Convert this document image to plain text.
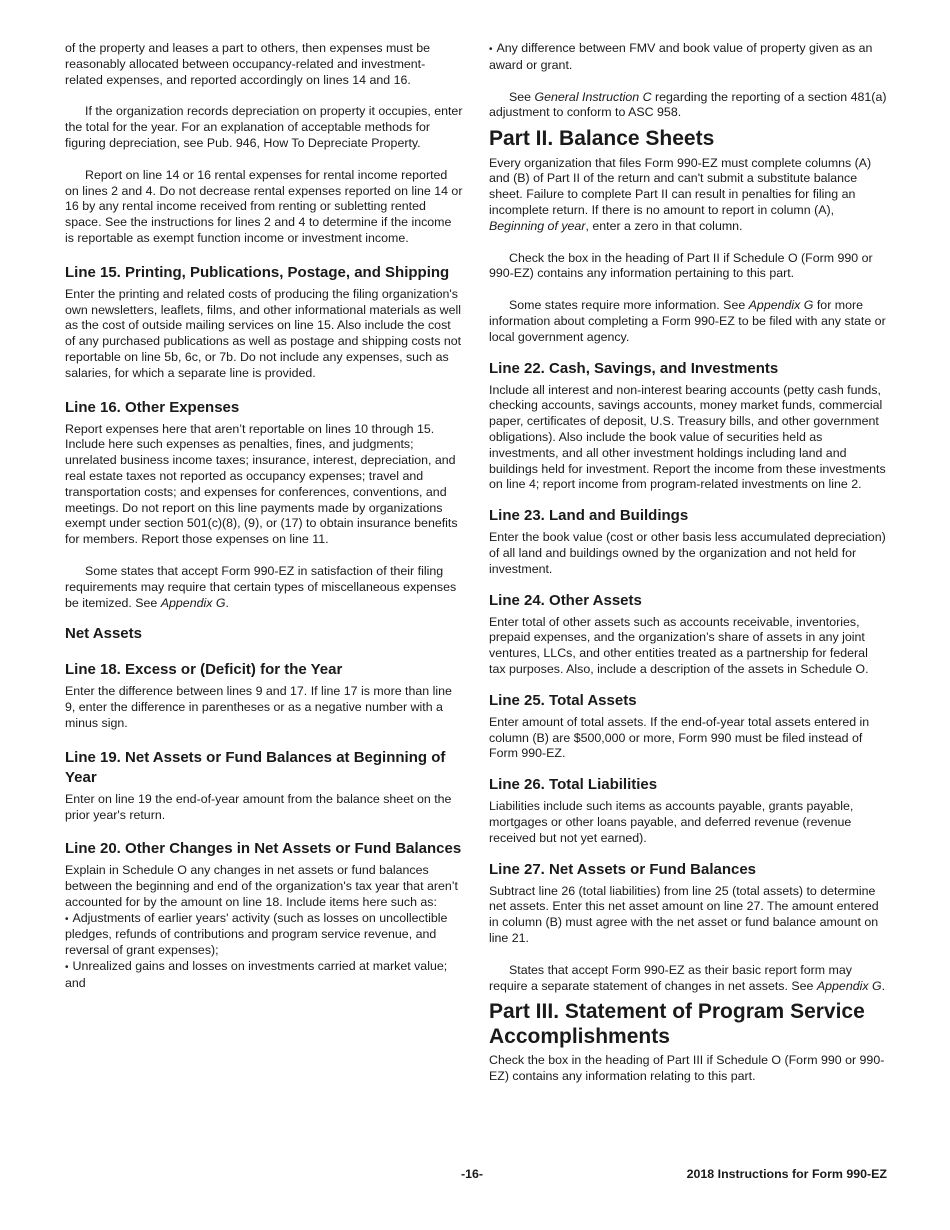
of the property and leases a part to others, then expenses must be reasonably allocated between occupancy-related and investment-related expenses, and reported accordingly on lines 14 and 16.

If the organization records depreciation on property it occupies, enter the total for the year. For an explanation of acceptable methods for figuring depreciation, see Pub. 946, How To Depreciate Property.

Report on line 14 or 16 rental expenses for rental income reported on lines 2 and 4. Do not decrease rental expenses reported on line 14 or 16 by any rental income received from renting or subletting rented space. See the instructions for lines 2 and 4 to determine if the income is reportable as exempt function income or investment income.

Line 15. Printing, Publications, Postage, and Shipping

Enter the printing and related costs of producing the filing organization's own newsletters, leaflets, films, and other informational materials as well as the cost of outside mailing services on line 15. Also include the cost of any purchased publications as well as postage and shipping costs not reportable on line 5b, 6c, or 7b. Do not include any expenses, such as salaries, for which a separate line is provided.

Line 16. Other Expenses

Report expenses here that aren’t reportable on lines 10 through 15. Include here such expenses as penalties, fines, and judgments; unrelated business income taxes; insurance, interest, depreciation, and real estate taxes not reported as occupancy expenses; travel and transportation costs; and expenses for conferences, conventions, and meetings. Do not report on this line payments made by organizations exempt under section 501(c)(8), (9), or (17) to obtain insurance benefits for members. Report those expenses on line 11.

Some states that accept Form 990-EZ in satisfaction of their filing requirements may require that certain types of miscellaneous expenses be itemized. See Appendix G.

Net Assets
Line 18. Excess or (Deficit) for the Year

Enter the difference between lines 9 and 17. If line 17 is more than line 9, enter the difference in parentheses or as a negative number with a minus sign.

Line 19. Net Assets or Fund Balances at Beginning of Year

Enter on line 19 the end-of-year amount from the balance sheet on the prior year's return.

Line 20. Other Changes in Net Assets or Fund Balances

Explain in Schedule O any changes in net assets or fund balances between the beginning and end of the organization's tax year that aren’t accounted for by the amount on line 18. Include items here such as:

• Adjustments of earlier years' activity (such as losses on uncollectible pledges, refunds of contributions and program service revenue, and reversal of grant expenses);
• Unrealized gains and losses on investments carried at market value; and
• Any difference between FMV and book value of property given as an award or grant.

See General Instruction C regarding the reporting of a section 481(a) adjustment to conform to ASC 958.

Part II. Balance Sheets

Every organization that files Form 990-EZ must complete columns (A) and (B) of Part II of the return and can't submit a substitute balance sheet. Failure to complete Part II can result in penalties for filing an incomplete return. If there is no amount to report in column (A), Beginning of year, enter a zero in that column.

Check the box in the heading of Part II if Schedule O (Form 990 or 990-EZ) contains any information pertaining to this part.

Some states require more information. See Appendix G for more information about completing a Form 990-EZ to be filed with any state or local government agency.

Line 22. Cash, Savings, and Investments

Include all interest and non-interest bearing accounts (petty cash funds, checking accounts, savings accounts, money market funds, commercial paper, certificates of deposit, U.S. Treasury bills, and other government obligations). Also include the book value of securities held as investments, and all other investment holdings including land and buildings held for investment. Report the income from these investments on line 4; report income from program-related investments on line 2.

Line 23. Land and Buildings

Enter the book value (cost or other basis less accumulated depreciation) of all land and buildings owned by the organization and not held for investment.

Line 24. Other Assets

Enter total of other assets such as accounts receivable, inventories, prepaid expenses, and the organization’s share of assets in any joint ventures, LLCs, and other entities treated as a partnership for federal tax purposes. Also, include a description of the assets in Schedule O.

Line 25. Total Assets

Enter amount of total assets. If the end-of-year total assets entered in column (B) are $500,000 or more, Form 990 must be filed instead of Form 990-EZ.

Line 26. Total Liabilities

Liabilities include such items as accounts payable, grants payable, mortgages or other loans payable, and deferred revenue (revenue received but not yet earned).

Line 27. Net Assets or Fund Balances

Subtract line 26 (total liabilities) from line 25 (total assets) to determine net assets. Enter this net asset amount on line 27. The amount entered in column (B) must agree with the net asset or fund balance amount on line 21.

States that accept Form 990-EZ as their basic report form may require a separate statement of changes in net assets. See Appendix G.

Part III. Statement of Program Service Accomplishments

Check the box in the heading of Part III if Schedule O (Form 990 or 990-EZ) contains any information relating to this part.

-16-	2018 Instructions for Form 990-EZ
